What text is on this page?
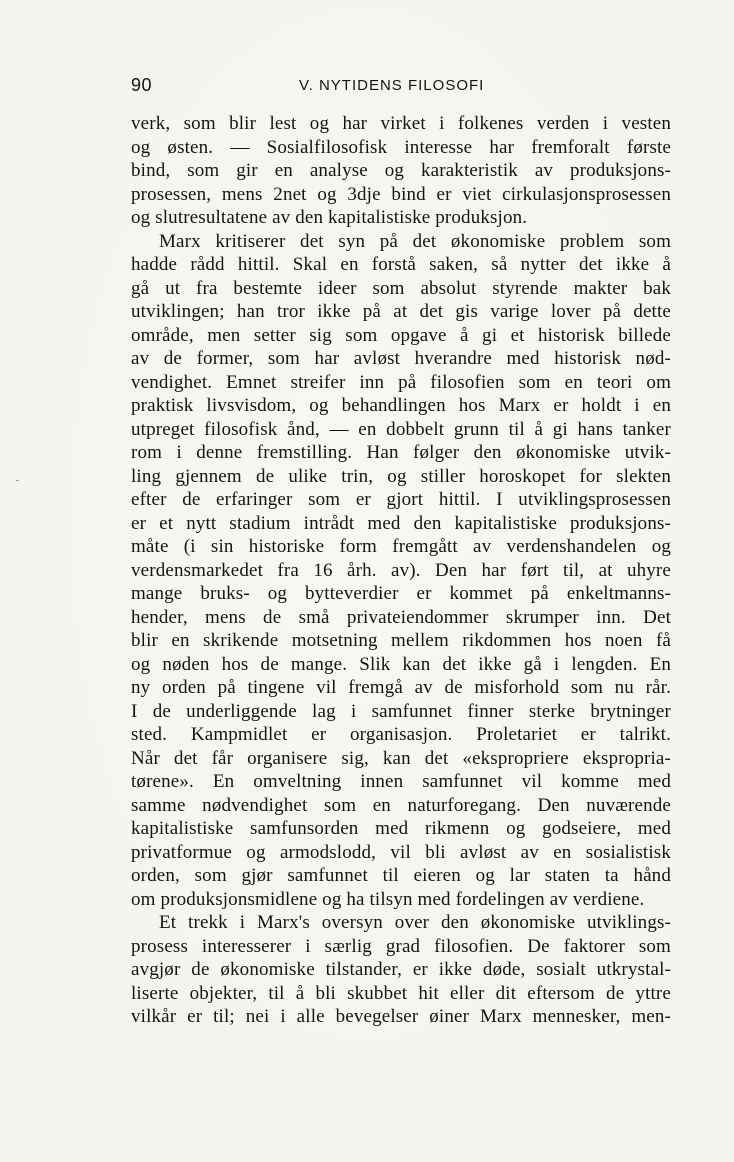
90	V. NYTIDENS FILOSOFI
verk, som blir lest og har virket i folkenes verden i vesten
og østen. — Sosialfilosofisk interesse har fremforalt første
bind, som gir en analyse og karakteristik av produksjons-
prosessen, mens 2net og 3dje bind er viet cirkulasjonsprosessen
og slutresultatene av den kapitalistiske produksjon.
Marx kritiserer det syn på det økonomiske problem som
hadde rådd hittil. Skal en forstå saken, så nytter det ikke å
gå ut fra bestemte ideer som absolut styrende makter bak
utviklingen; han tror ikke på at det gis varige lover på dette
område, men setter sig som opgave å gi et historisk billede
av de former, som har avløst hverandre med historisk nød-
vendighet. Emnet streifer inn på filosofien som en teori om
praktisk livsvisdom, og behandlingen hos Marx er holdt i en
utpreget filosofisk ånd, — en dobbelt grunn til å gi hans tanker
rom i denne fremstilling. Han følger den økonomiske utvik-
ling gjennem de ulike trin, og stiller horoskopet for slekten
efter de erfaringer som er gjort hittil. I utviklingsprosessen
er et nytt stadium intrådt med den kapitalistiske produksjons-
måte (i sin historiske form fremgått av verdenshandelen og
verdensmarkedet fra 16 årh. av). Den har ført til, at uhyre
mange bruks- og bytteverdier er kommet på enkeltmanns-
hender, mens de små privateiendommer skrumper inn. Det
blir en skrikende motsetning mellem rikdommen hos noen få
og nøden hos de mange. Slik kan det ikke gå i lengden. En
ny orden på tingene vil fremgå av de misforhold som nu rår.
I de underliggende lag i samfunnet finner sterke brytninger
sted. Kampmidlet er organisasjon. Proletariet er talrikt.
Når det får organisere sig, kan det «ekspropriere ekspropria-
tørene». En omveltning innen samfunnet vil komme med
samme nødvendighet som en naturforegang. Den nuværende
kapitalistiske samfunsorden med rikmenn og godseiere, med
privatformue og armodslodd, vil bli avløst av en sosialistisk
orden, som gjør samfunnet til eieren og lar staten ta hånd
om produksjonsmidlene og ha tilsyn med fordelingen av verdiene.
Et trekk i Marx's oversyn over den økonomiske utviklings-
prosess interesserer i særlig grad filosofien. De faktorer som
avgjør de økonomiske tilstander, er ikke døde, sosialt utkrystal-
liserte objekter, til å bli skubbet hit eller dit eftersom de yttre
vilkår er til; nei i alle bevegelser øiner Marx mennesker, men-
